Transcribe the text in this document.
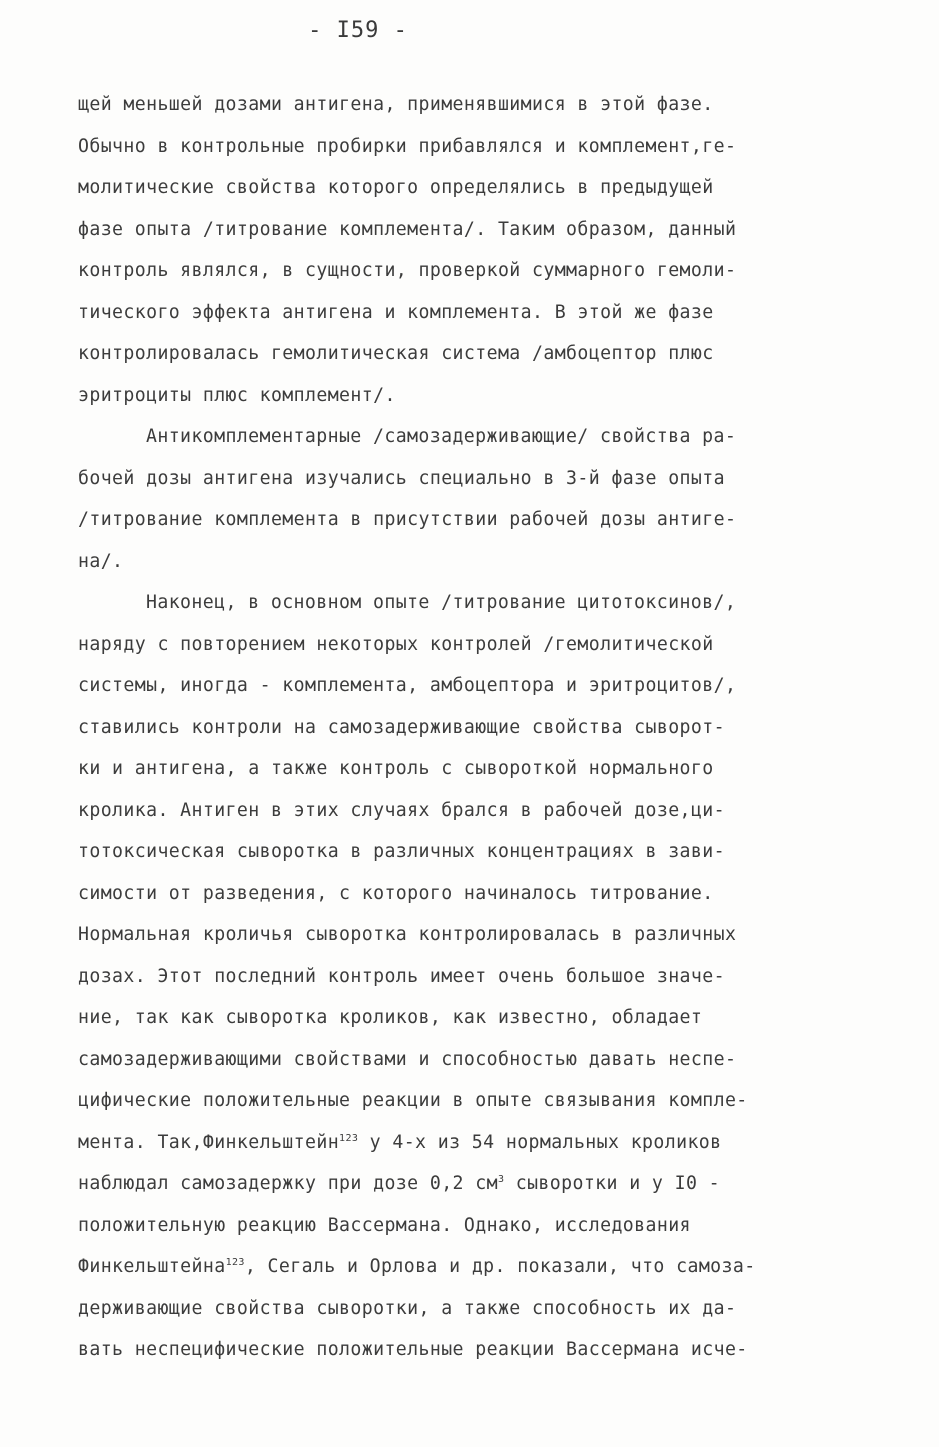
- I59 -
щей меньшей дозами антигена, применявшимися в этой фазе.
Обычно в контрольные пробирки прибавлялся и комплемент,ге-
молитические свойства которого определялись в предыдущей
фазе опыта /титрование комплемента/. Таким образом, данный
контроль являлся, в сущности, проверкой суммарного гемоли-
тического эффекта антигена и комплемента. В этой же фазе
контролировалась гемолитическая система /амбоцептор плюс
эритроциты плюс комплемент/.
Антикомплементарные /самозадерживающие/ свойства ра-
бочей дозы антигена изучались специально в 3-й фазе опыта
/титрование комплемента в присутствии рабочей дозы антиге-
на/.
Наконец, в основном опыте /титрование цитотоксинов/,
наряду с повторением некоторых контролей /гемолитической
системы, иногда - комплемента, амбоцептора и эритроцитов/,
ставились контроли на самозадерживающие свойства сыворот-
ки и антигена, а также контроль с сывороткой нормального
кролика. Антиген в этих случаях брался в рабочей дозе,ци-
тотоксическая сыворотка в различных концентрациях в зави-
симости от разведения, с которого начиналось титрование.
Нормальная кроличья сыворотка контролировалась в различных
дозах. Этот последний контроль имеет очень большое значе-
ние, так как сыворотка кроликов, как известно, обладает
самозадерживающими свойствами и способностью давать неспе-
цифические положительные реакции в опыте связывания компле-
мента. Так,Финкельштейн$^{123}$ у 4-х из 54 нормальных кроликов
наблюдал самозадержку при дозе 0,2 $см^3$ сыворотки и у I0 -
положительную реакцию Вассермана. Однако, исследования
Финкельштейна$^{123}$, Сегаль и Орлова и др. показали, что самоза-
держивающие свойства сыворотки, а также способность их да-
вать неспецифические положительные реакции Вассермана исче-
